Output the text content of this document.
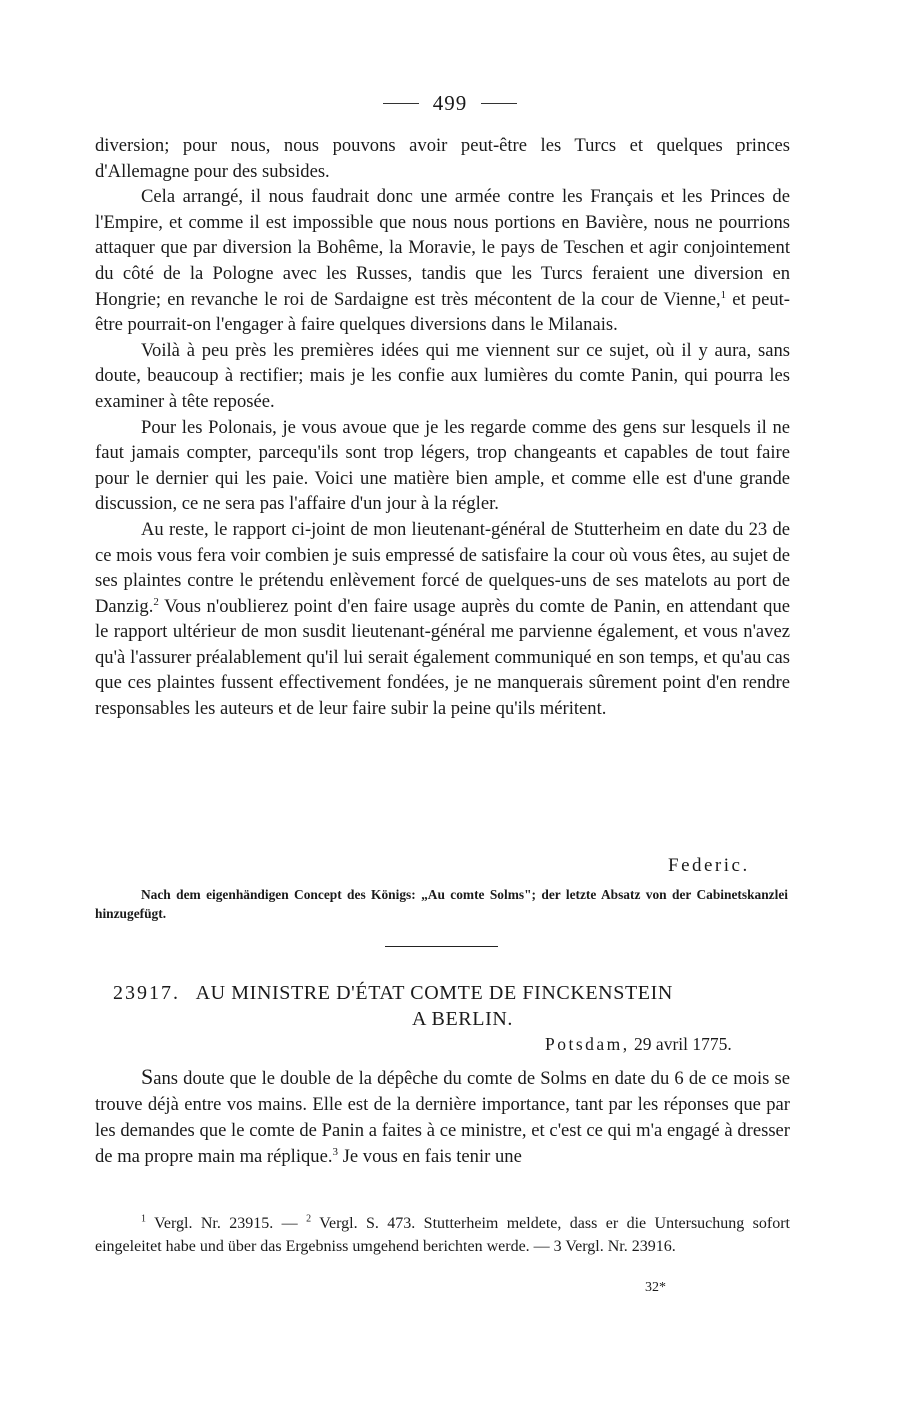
499

diversion; pour nous, nous pouvons avoir peut-être les Turcs et quelques princes d'Allemagne pour des subsides.

Cela arrangé, il nous faudrait donc une armée contre les Français et les Princes de l'Empire, et comme il est impossible que nous nous portions en Bavière, nous ne pourrions attaquer que par diversion la Bohême, la Moravie, le pays de Teschen et agir conjointement du côté de la Pologne avec les Russes, tandis que les Turcs feraient une diversion en Hongrie; en revanche le roi de Sardaigne est très mécontent de la cour de Vienne,$^1$ et peut-être pourrait-on l'engager à faire quelques diversions dans le Milanais.

Voilà à peu près les premières idées qui me viennent sur ce sujet, où il y aura, sans doute, beaucoup à rectifier; mais je les confie aux lumières du comte Panin, qui pourra les examiner à tête reposée.

Pour les Polonais, je vous avoue que je les regarde comme des gens sur lesquels il ne faut jamais compter, parcequ'ils sont trop légers, trop changeants et capables de tout faire pour le dernier qui les paie. Voici une matière bien ample, et comme elle est d'une grande discussion, ce ne sera pas l'affaire d'un jour à la régler.

Au reste, le rapport ci-joint de mon lieutenant-général de Stutterheim en date du 23 de ce mois vous fera voir combien je suis empressé de satisfaire la cour où vous êtes, au sujet de ses plaintes contre le prétendu enlèvement forcé de quelques-uns de ses matelots au port de Danzig.$^2$ Vous n'oublierez point d'en faire usage auprès du comte de Panin, en attendant que le rapport ultérieur de mon susdit lieutenant-général me parvienne également, et vous n'avez qu'à l'assurer préalablement qu'il lui serait également communiqué en son temps, et qu'au cas que ces plaintes fussent effectivement fondées, je ne manquerais sûrement point d'en rendre responsables les auteurs et de leur faire subir la peine qu'ils méritent.

Federic.
Nach dem eigenhändigen Concept des Königs: „Au comte Solms"; der letzte Absatz von der Cabinetskanzlei hinzugefügt.
23917. AU MINISTRE D'ÉTAT COMTE DE FINCKENSTEIN
A BERLIN.
Potsdam, 29 avril 1775.

Sans doute que le double de la dépêche du comte de Solms en date du 6 de ce mois se trouve déjà entre vos mains. Elle est de la dernière importance, tant par les réponses que par les demandes que le comte de Panin a faites à ce ministre, et c'est ce qui m'a engagé à dresser de ma propre main ma réplique.$^3$ Je vous en fais tenir une

$^1$ Vergl. Nr. 23915. — $^2$ Vergl. S. 473. Stutterheim meldete, dass er die Untersuchung sofort eingeleitet habe und über das Ergebniss umgehend berichten werde. — 3 Vergl. Nr. 23916.

32*
